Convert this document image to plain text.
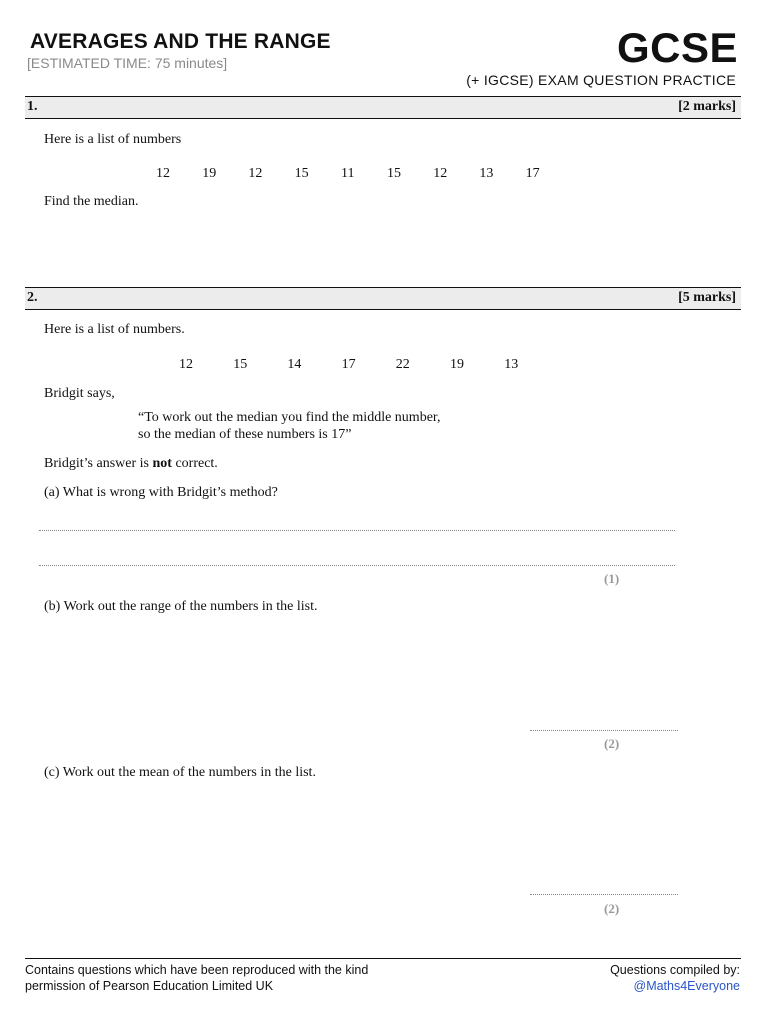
AVERAGES AND THE RANGE
[ESTIMATED TIME: 75 minutes]	GCSE
(+ IGCSE) EXAM QUESTION PRACTICE
1.	[2 marks]
Here is a list of numbers
12	19	12	15	11	15	12	13	17
Find the median.
2.	[5 marks]
Here is a list of numbers.
12	15	14	17	22	19	13
Bridgit says,
“To work out the median you find the middle number,
so the median of these numbers is 17”
Bridgit’s answer is not correct.
(a) What is wrong with Bridgit’s method?
(1)
(b) Work out the range of the numbers in the list.
(2)
(c) Work out the mean of the numbers in the list.
(2)
Contains questions which have been reproduced with the kind
permission of Pearson Education Limited UK
Questions compiled by:
@Maths4Everyone
